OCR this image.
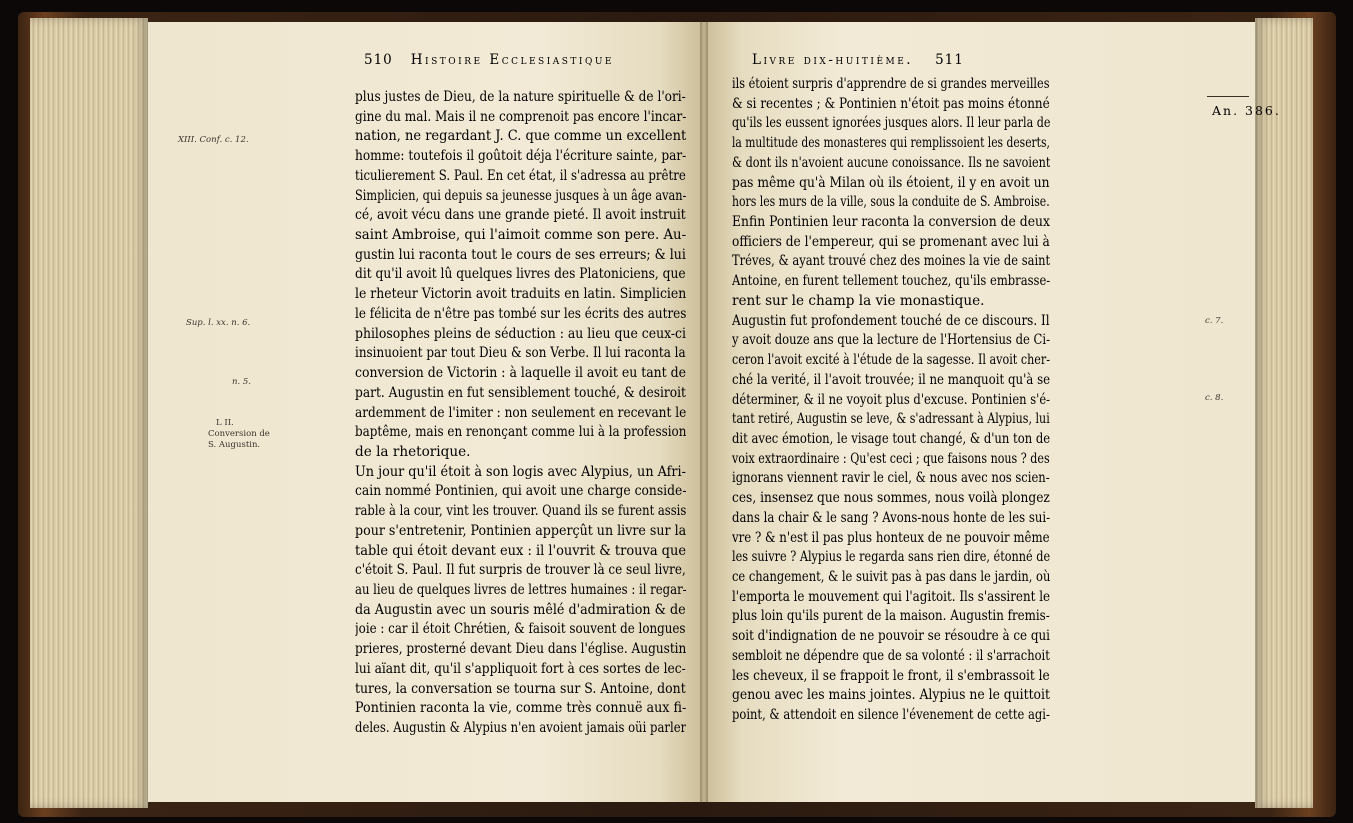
510 Histoire Ecclesiastique
XIII. Conf. c. 12.
Sup. l. xx. n. 6.
n. 5.
L II.
Conversion de
S. Augustin.
plus justes de Dieu, de la nature spirituelle & de l'ori-
gine du mal. Mais il ne comprenoit pas encore l'incar-
nation, ne regardant J. C. que comme un excellent
homme: toutefois il goûtoit déja l'écriture sainte, par-
ticulierement S. Paul. En cet état, il s'adressa au prêtre
Simplicien, qui depuis sa jeunesse jusques à un âge avan-
cé, avoit vécu dans une grande pieté. Il avoit instruit
saint Ambroise, qui l'aimoit comme son pere. Au-
gustin lui raconta tout le cours de ses erreurs; & lui
dit qu'il avoit lû quelques livres des Platoniciens, que
le rheteur Victorin avoit traduits en latin. Simplicien
le félicita de n'être pas tombé sur les écrits des autres
philosophes pleins de séduction : au lieu que ceux-ci
insinuoient par tout Dieu & son Verbe. Il lui raconta la
conversion de Victorin : à laquelle il avoit eu tant de
part. Augustin en fut sensiblement touché, & desiroit
ardemment de l'imiter : non seulement en recevant le
baptême, mais en renonçant comme lui à la profession
de la rhetorique.
Un jour qu'il étoit à son logis avec Alypius, un Afri-
cain nommé Pontinien, qui avoit une charge conside-
rable à la cour, vint les trouver. Quand ils se furent assis
pour s'entretenir, Pontinien apperçût un livre sur la
table qui étoit devant eux : il l'ouvrit & trouva que
c'étoit S. Paul. Il fut surpris de trouver là ce seul livre,
au lieu de quelques livres de lettres humaines : il regar-
da Augustin avec un souris mêlé d'admiration & de
joie : car il étoit Chrétien, & faisoit souvent de longues
prieres, prosterné devant Dieu dans l'église. Augustin
lui aïant dit, qu'il s'appliquoit fort à ces sortes de lec-
tures, la conversation se tourna sur S. Antoine, dont
Pontinien raconta la vie, comme très connuë aux fi-
deles. Augustin & Alypius n'en avoient jamais oüi parler
Livre dix-huitième. 511
An. 386.
c. 7.
c. 8.
ils étoient surpris d'apprendre de si grandes merveilles
& si recentes ; & Pontinien n'étoit pas moins étonné
qu'ils les eussent ignorées jusques alors. Il leur parla de
la multitude des monasteres qui remplissoient les deserts,
& dont ils n'avoient aucune conoissance. Ils ne savoient
pas même qu'à Milan où ils étoient, il y en avoit un
hors les murs de la ville, sous la conduite de S. Ambroise.
Enfin Pontinien leur raconta la conversion de deux
officiers de l'empereur, qui se promenant avec lui à
Tréves, & ayant trouvé chez des moines la vie de saint
Antoine, en furent tellement touchez, qu'ils embrasse-
rent sur le champ la vie monastique.
Augustin fut profondement touché de ce discours. Il
y avoit douze ans que la lecture de l'Hortensius de Ci-
ceron l'avoit excité à l'étude de la sagesse. Il avoit cher-
ché la verité, il l'avoit trouvée; il ne manquoit qu'à se
déterminer, & il ne voyoit plus d'excuse. Pontinien s'é-
tant retiré, Augustin se leve, & s'adressant à Alypius, lui
dit avec émotion, le visage tout changé, & d'un ton de
voix extraordinaire : Qu'est ceci ; que faisons nous ? des
ignorans viennent ravir le ciel, & nous avec nos scien-
ces, insensez que nous sommes, nous voilà plongez
dans la chair & le sang ? Avons-nous honte de les sui-
vre ? & n'est il pas plus honteux de ne pouvoir même
les suivre ? Alypius le regarda sans rien dire, étonné de
ce changement, & le suivit pas à pas dans le jardin, où
l'emporta le mouvement qui l'agitoit. Ils s'assirent le
plus loin qu'ils purent de la maison. Augustin fremis-
soit d'indignation de ne pouvoir se résoudre à ce qui
sembloit ne dépendre que de sa volonté : il s'arrachoit
les cheveux, il se frappoit le front, il s'embrassoit le
genou avec les mains jointes. Alypius ne le quittoit
point, & attendoit en silence l'évenement de cette agi-
